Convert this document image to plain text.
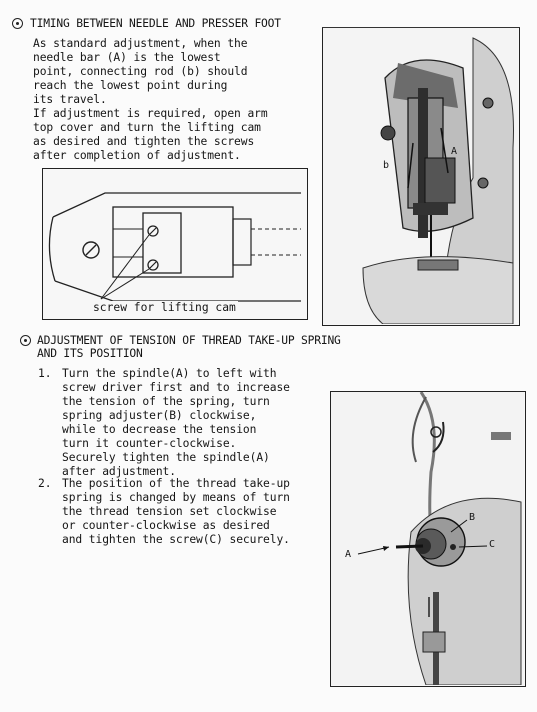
TIMING BETWEEN NEEDLE AND PRESSER FOOT
As standard adjustment, when the
needle bar (A) is the lowest
point, connecting rod (b) should
reach the lowest point during
its travel.
If adjustment is required, open arm
top cover and turn the lifting cam
as desired and tighten the screws
after completion of adjustment.
screw for lifting cam
b
A
ADJUSTMENT OF TENSION OF THREAD TAKE-UP SPRING
AND ITS POSITION
1. Turn the spindle(A) to left with
screw driver first and to increase
the tension of the spring, turn
spring adjuster(B) clockwise,
while to decrease the tension
turn it counter-clockwise.
Securely tighten the spindle(A)
after adjustment.
2. The position of the thread take-up
spring is changed by means of turn
the thread tension set clockwise
or counter-clockwise as desired
and tighten the screw(C) securely.
A
B
C
